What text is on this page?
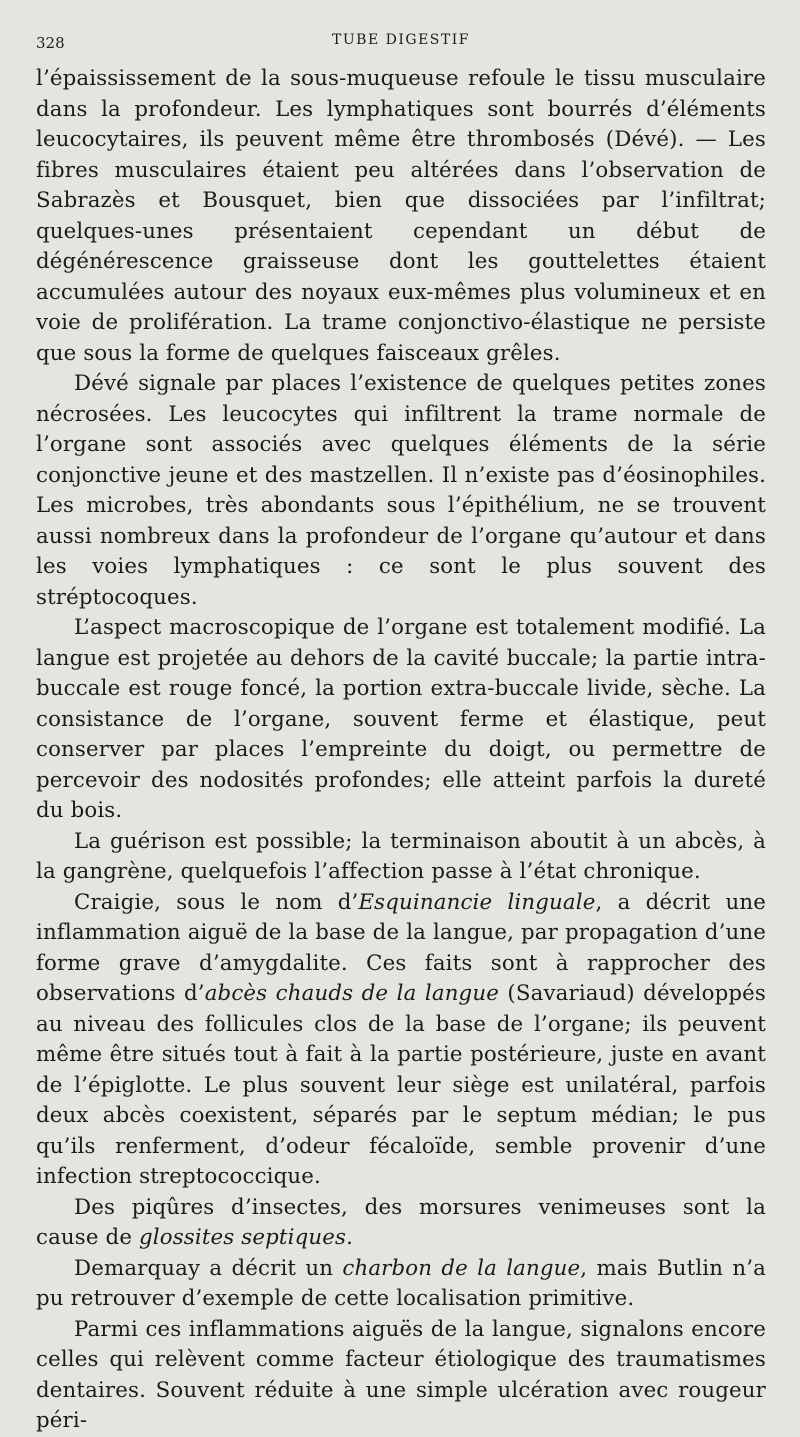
328	TUBE DIGESTIF

l’épaississement de la sous-muqueuse refoule le tissu musculaire dans la profondeur. Les lymphatiques sont bourrés d’éléments leucocytaires, ils peuvent même être thrombosés (Dévé). — Les fibres musculaires étaient peu altérées dans l’observation de Sabrazès et Bousquet, bien que dissociées par l’infiltrat; quelques-unes présentaient cependant un début de dégénérescence graisseuse dont les gouttelettes étaient accumulées autour des noyaux eux-mêmes plus volumineux et en voie de prolifération. La trame conjonctivo-élastique ne persiste que sous la forme de quelques faisceaux grêles.

Dévé signale par places l’existence de quelques petites zones nécrosées. Les leucocytes qui infiltrent la trame normale de l’organe sont associés avec quelques éléments de la série conjonctive jeune et des mastzellen. Il n’existe pas d’éosinophiles. Les microbes, très abondants sous l’épithélium, ne se trouvent aussi nombreux dans la profondeur de l’organe qu’autour et dans les voies lymphatiques : ce sont le plus souvent des stréptocoques.

L’aspect macroscopique de l’organe est totalement modifié. La langue est projetée au dehors de la cavité buccale; la partie intra-buccale est rouge foncé, la portion extra-buccale livide, sèche. La consistance de l’organe, souvent ferme et élastique, peut conserver par places l’empreinte du doigt, ou permettre de percevoir des nodosités profondes; elle atteint parfois la dureté du bois.

La guérison est possible; la terminaison aboutit à un abcès, à la gangrène, quelquefois l’affection passe à l’état chronique.

Craigie, sous le nom d’Esquinancie linguale, a décrit une inflammation aiguë de la base de la langue, par propagation d’une forme grave d’amygdalite. Ces faits sont à rapprocher des observations d’abcès chauds de la langue (Savariaud) développés au niveau des follicules clos de la base de l’organe; ils peuvent même être situés tout à fait à la partie postérieure, juste en avant de l’épiglotte. Le plus souvent leur siège est unilatéral, parfois deux abcès coexistent, séparés par le septum médian; le pus qu’ils renferment, d’odeur fécaloïde, semble provenir d’une infection streptococcique.

Des piqûres d’insectes, des morsures venimeuses sont la cause de glossites septiques.

Demarquay a décrit un charbon de la langue, mais Butlin n’a pu retrouver d’exemple de cette localisation primitive.

Parmi ces inflammations aiguës de la langue, signalons encore celles qui relèvent comme facteur étiologique des traumatismes dentaires. Souvent réduite à une simple ulcération avec rougeur péri-
